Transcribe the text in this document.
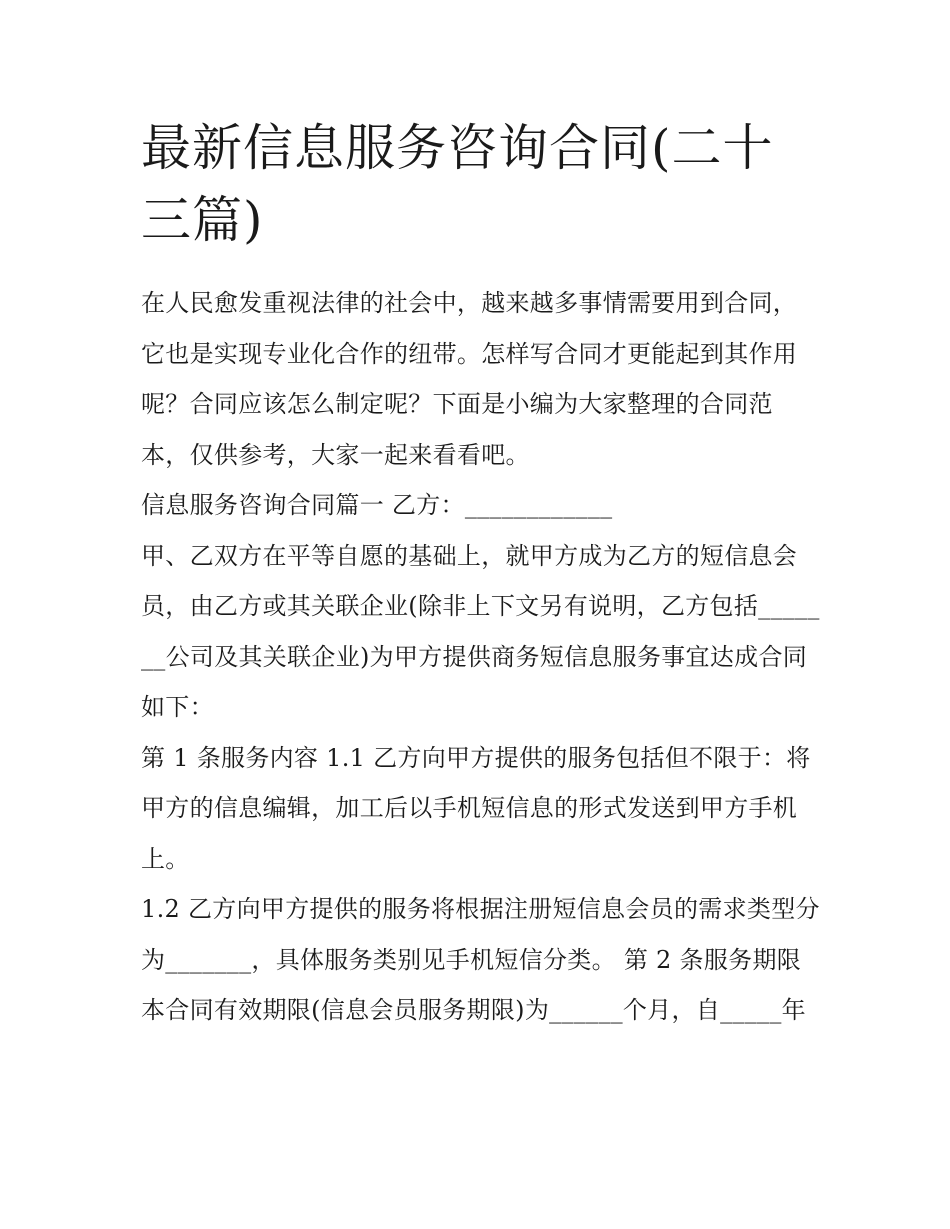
最新信息服务咨询合同(二十三篇)

在人民愈发重视法律的社会中，越来越多事情需要用到合同，它也是实现专业化合作的纽带。怎样写合同才更能起到其作用呢？合同应该怎么制定呢？下面是小编为大家整理的合同范本，仅供参考，大家一起来看看吧。

信息服务咨询合同篇一 乙方：____________

甲、乙双方在平等自愿的基础上，就甲方成为乙方的短信息会员，由乙方或其关联企业(除非上下文另有说明，乙方包括_______公司及其关联企业)为甲方提供商务短信息服务事宜达成合同如下：

第 1 条服务内容 1.1 乙方向甲方提供的服务包括但不限于：将甲方的信息编辑，加工后以手机短信息的形式发送到甲方手机上。

1.2 乙方向甲方提供的服务将根据注册短信息会员的需求类型分为_______，具体服务类别见手机短信分类。 第 2 条服务期限

本合同有效期限(信息会员服务期限)为______个月，自_____年
